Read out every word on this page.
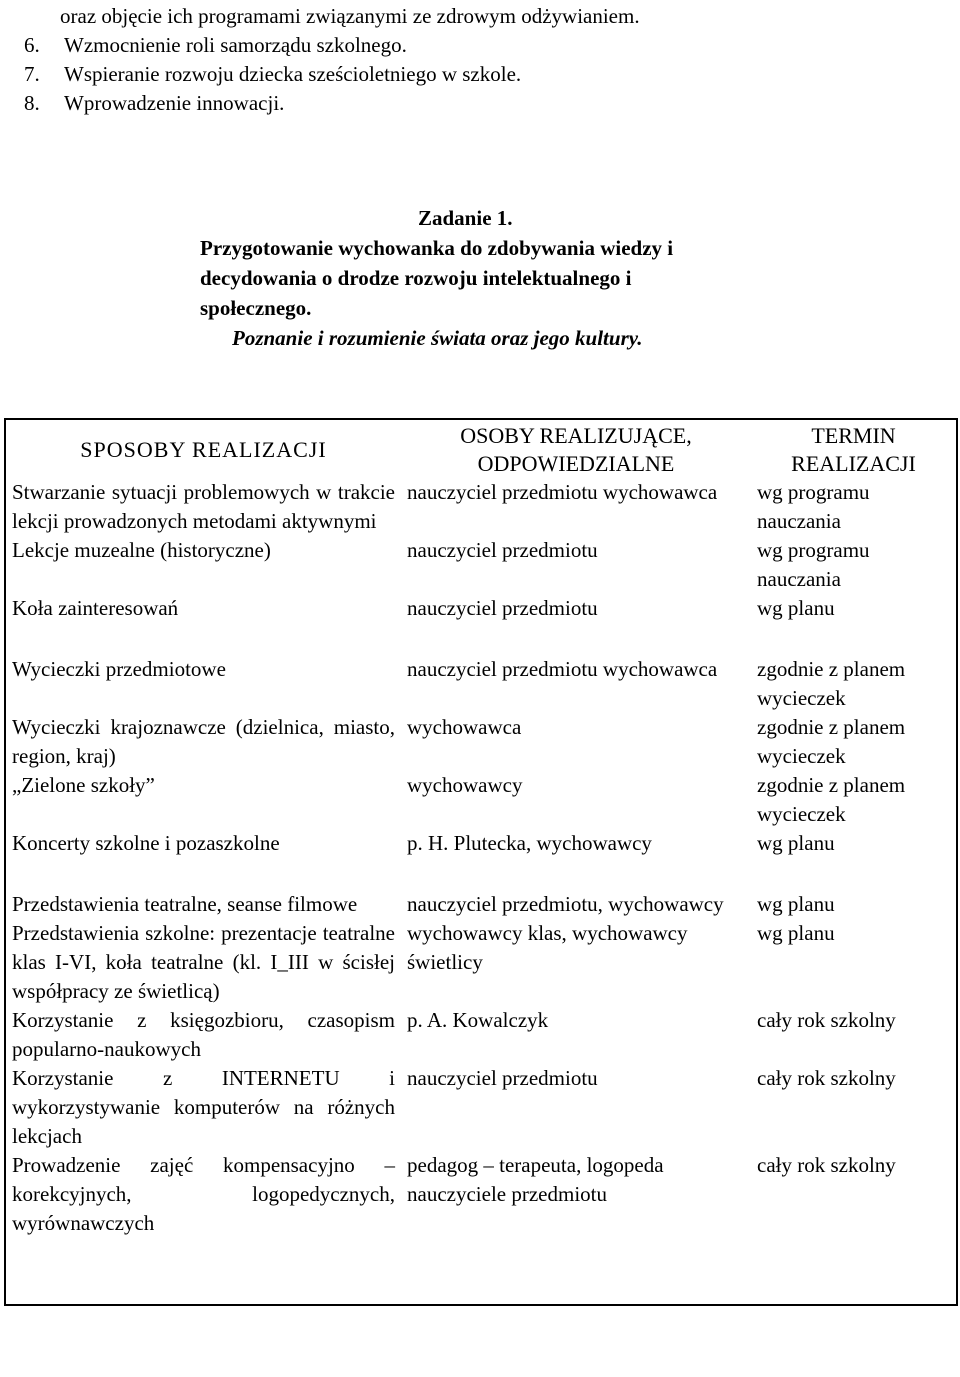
oraz objęcie ich programami związanymi ze zdrowym odżywianiem.
6. Wzmocnienie roli samorządu szkolnego.
7. Wspieranie rozwoju dziecka sześcioletniego w szkole.
8. Wprowadzenie innowacji.
Zadanie 1.
Przygotowanie wychowanka do zdobywania wiedzy i
decydowania o drodze rozwoju intelektualnego i
społecznego.
Poznanie i rozumienie świata oraz jego kultury.
SPOSOBY REALIZACJI	OSOBY REALIZUJĄCE, ODPOWIEDZIALNE	TERMIN REALIZACJI
Stwarzanie sytuacji problemowych w trakcie lekcji prowadzonych metodami aktywnymi	nauczyciel przedmiotu wychowawca	wg programu nauczania
Lekcje muzealne (historyczne)	nauczyciel przedmiotu	wg programu nauczania
Koła zainteresowań	nauczyciel przedmiotu	wg planu
Wycieczki przedmiotowe	nauczyciel przedmiotu wychowawca	zgodnie z planem wycieczek
Wycieczki krajoznawcze (dzielnica, miasto, region, kraj)	wychowawca	zgodnie z planem wycieczek
„Zielone szkoły”	wychowawcy	zgodnie z planem wycieczek
Koncerty szkolne i pozaszkolne	p. H. Plutecka, wychowawcy	wg planu
Przedstawienia teatralne, seanse filmowe	nauczyciel przedmiotu, wychowawcy	wg planu
Przedstawienia szkolne: prezentacje teatralne klas I-VI, koła teatralne (kl. I_III w ścisłej współpracy ze świetlicą)	wychowawcy klas, wychowawcy świetlicy	wg planu
Korzystanie z księgozbioru, czasopism popularno-naukowych	p. A. Kowalczyk	cały rok szkolny
Korzystanie z INTERNETU i wykorzystywanie komputerów na różnych lekcjach	nauczyciel przedmiotu	cały rok szkolny
Prowadzenie zajęć kompensacyjno – korekcyjnych, logopedycznych, wyrównawczych	pedagog – terapeuta, logopeda nauczyciele przedmiotu	cały rok szkolny
